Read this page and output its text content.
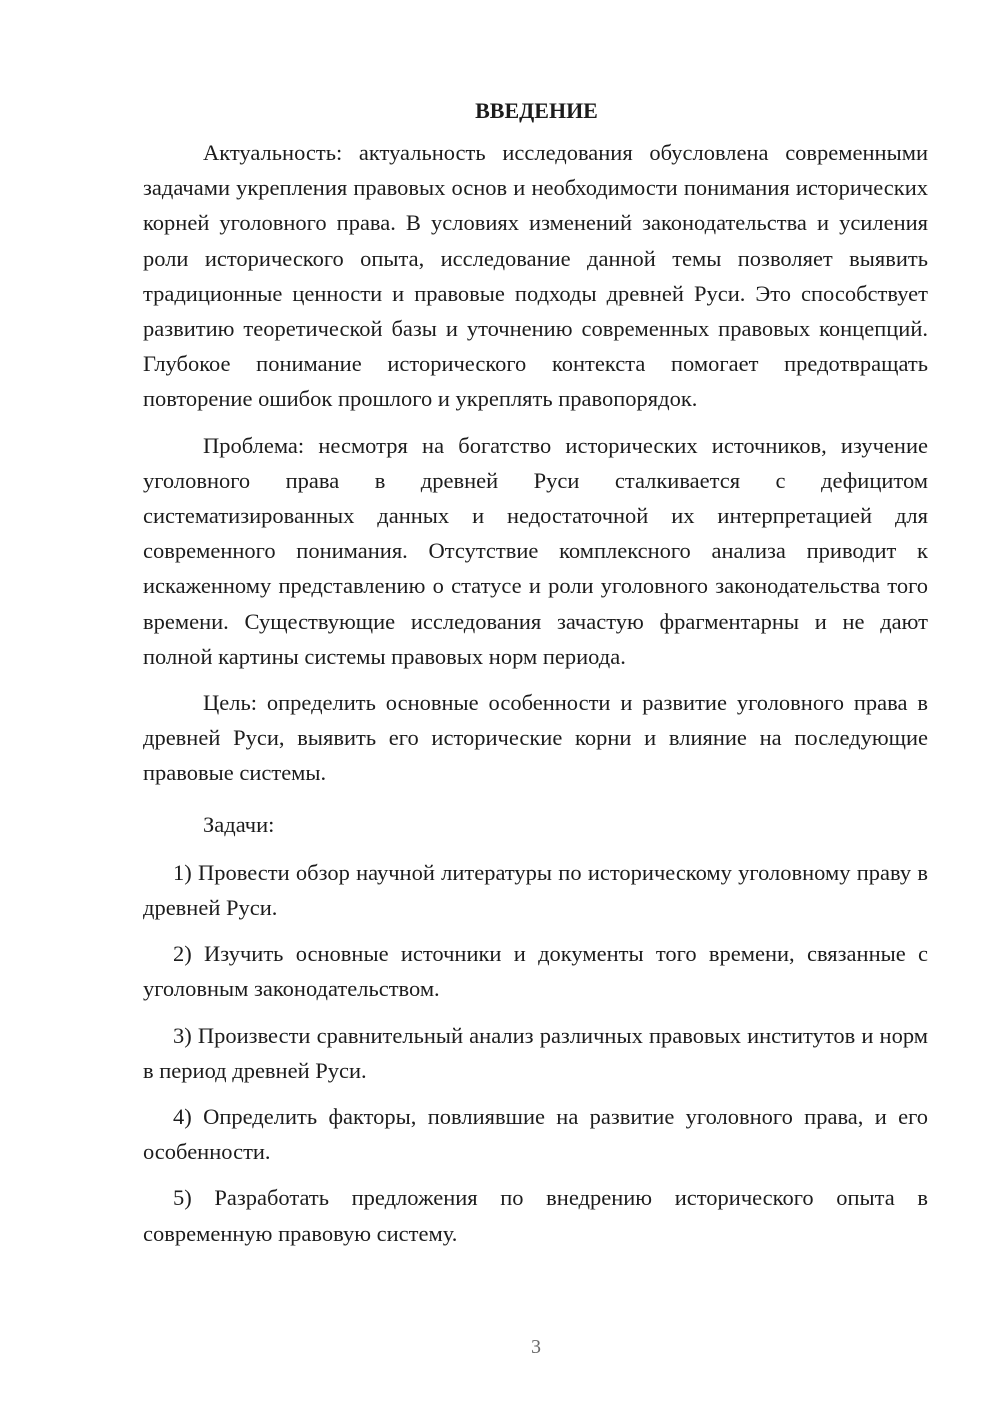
ВВЕДЕНИЕ

Актуальность: актуальность исследования обусловлена современными задачами укрепления правовых основ и необходимости понимания исторических корней уголовного права. В условиях изменений законодательства и усиления роли исторического опыта, исследование данной темы позволяет выявить традиционные ценности и правовые подходы древней Руси. Это способствует развитию теоретической базы и уточнению современных правовых концепций. Глубокое понимание исторического контекста помогает предотвращать повторение ошибок прошлого и укреплять правопорядок.

Проблема: несмотря на богатство исторических источников, изучение уголовного права в древней Руси сталкивается с дефицитом систематизированных данных и недостаточной их интерпретацией для современного понимания. Отсутствие комплексного анализа приводит к искаженному представлению о статусе и роли уголовного законодательства того времени. Существующие исследования зачастую фрагментарны и не дают полной картины системы правовых норм периода.

Цель: определить основные особенности и развитие уголовного права в древней Руси, выявить его исторические корни и влияние на последующие правовые системы.

Задачи:

1) Провести обзор научной литературы по историческому уголовному праву в древней Руси.

2) Изучить основные источники и документы того времени, связанные с уголовным законодательством.

3) Произвести сравнительный анализ различных правовых институтов и норм в период древней Руси.

4) Определить факторы, повлиявшие на развитие уголовного права, и его особенности.

5) Разработать предложения по внедрению исторического опыта в современную правовую систему.

3
